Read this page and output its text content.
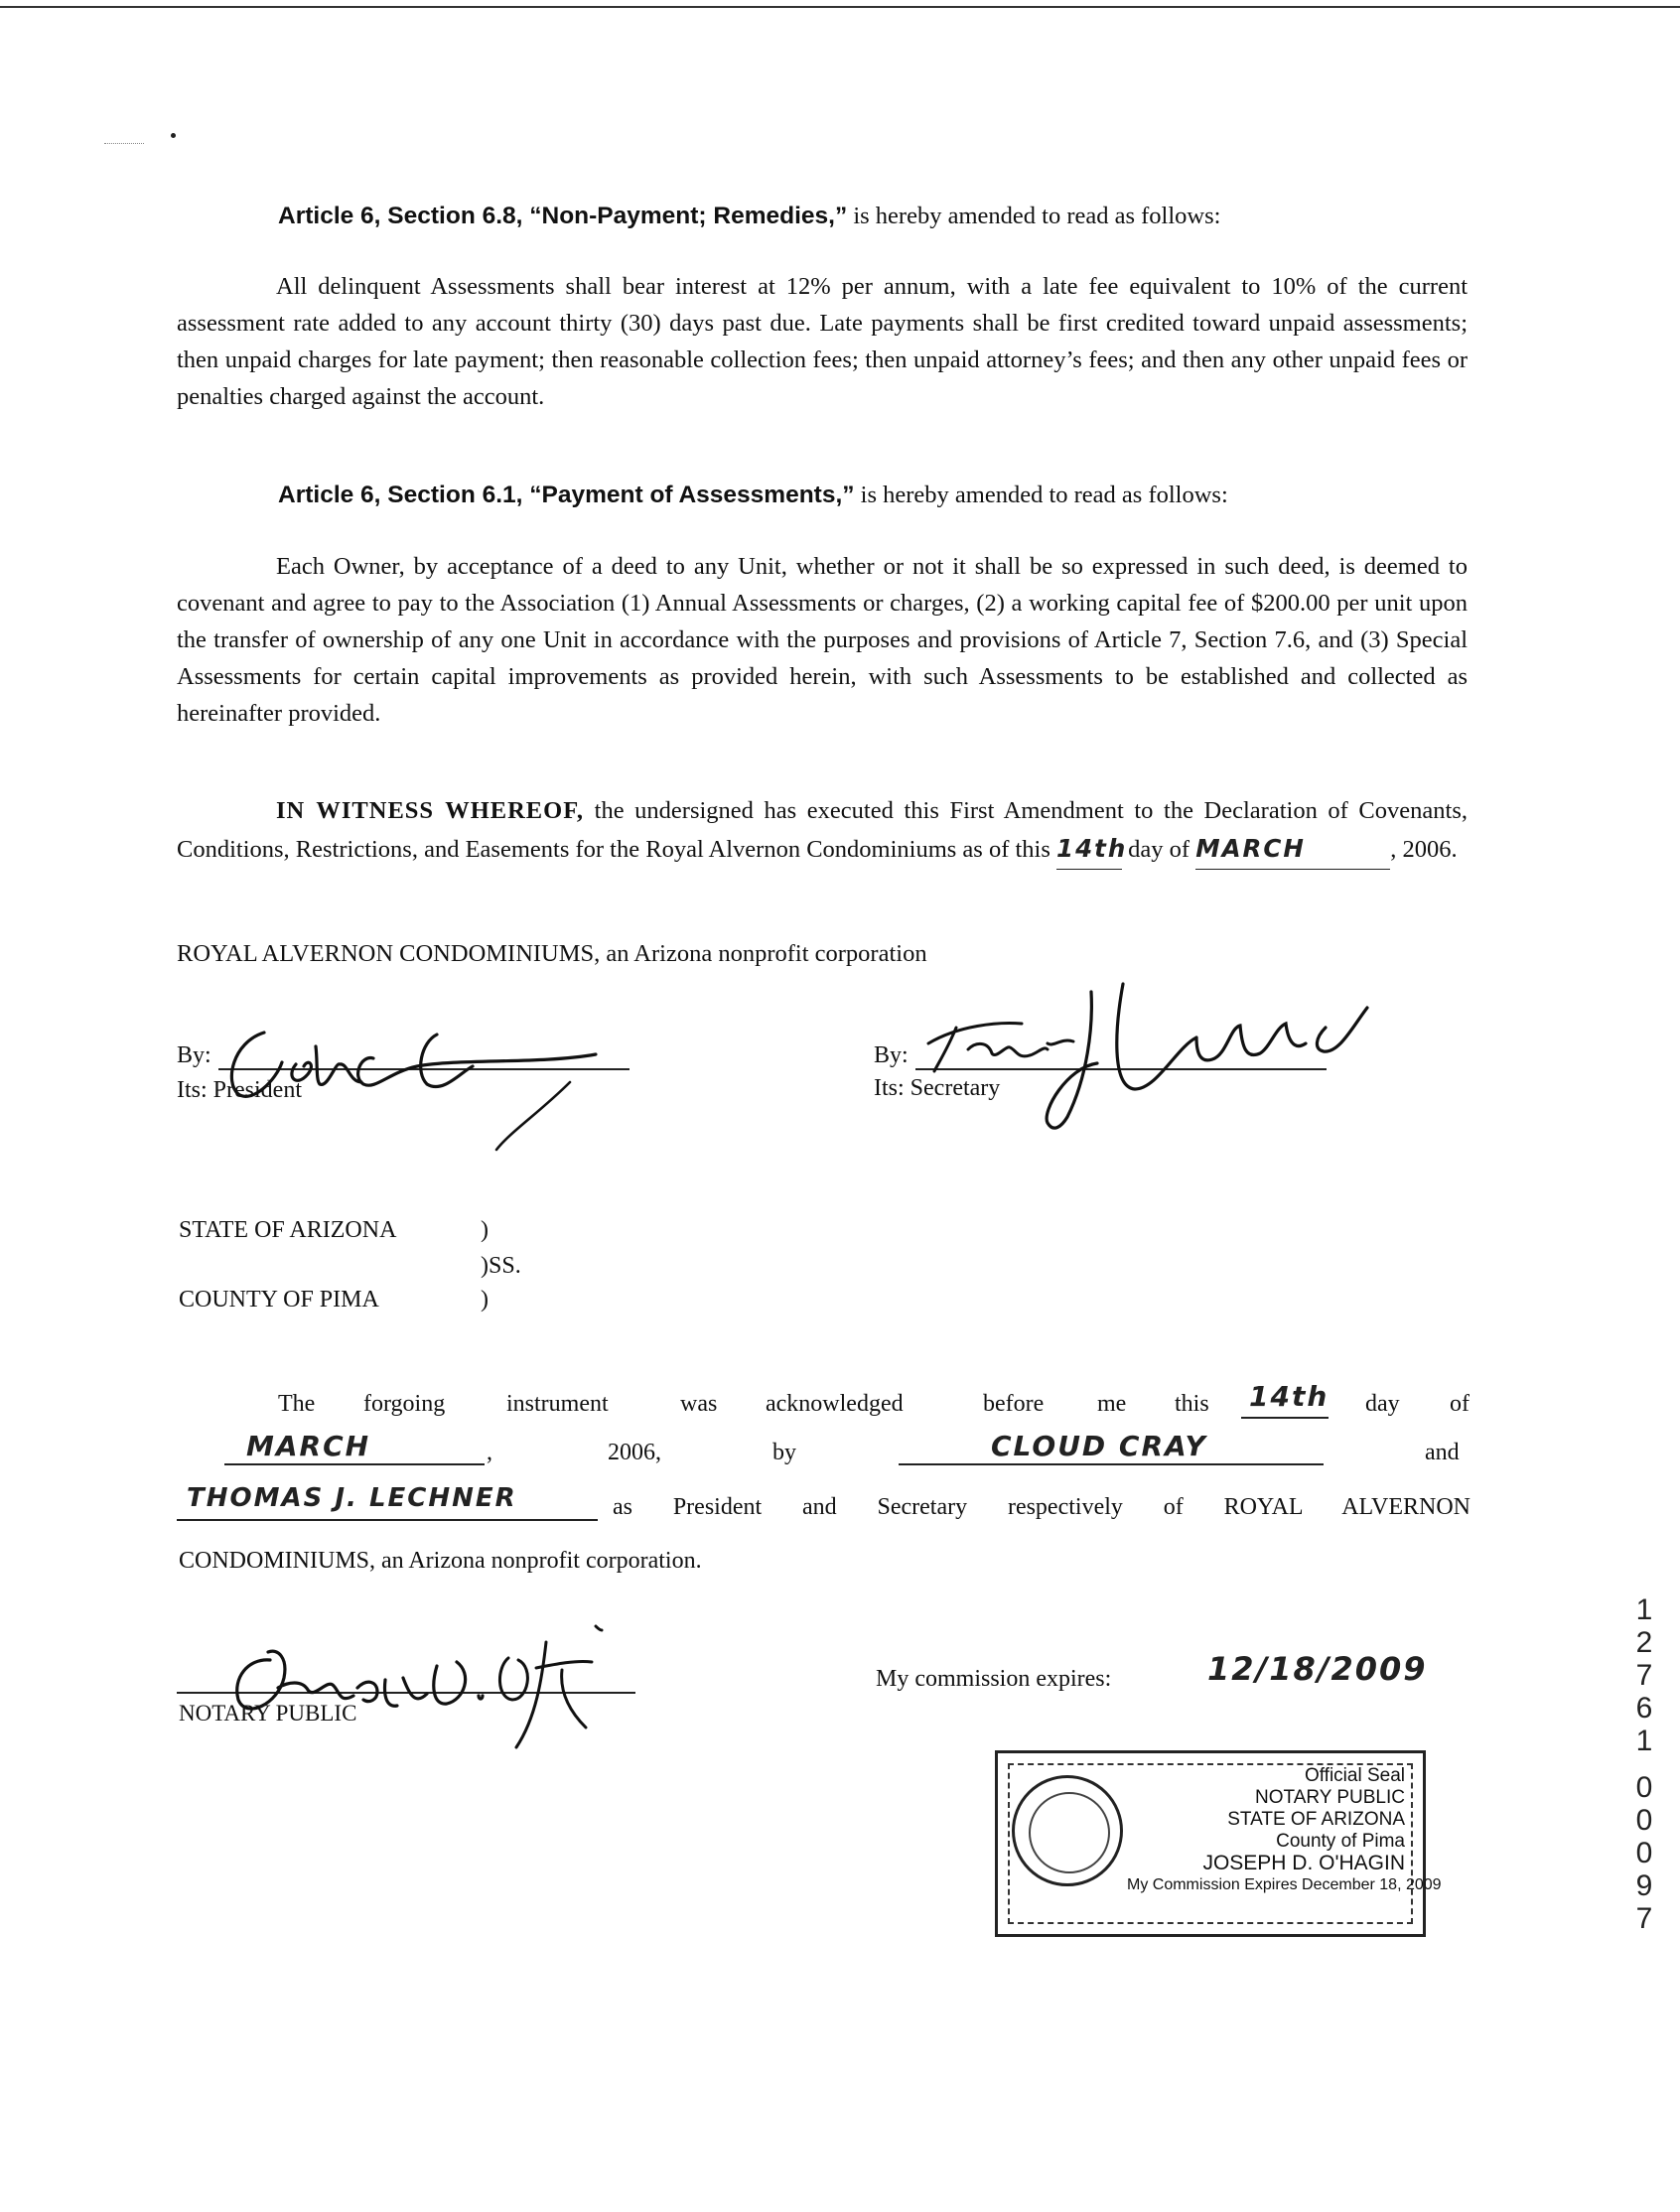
Article 6, Section 6.8, “Non-Payment; Remedies,” is hereby amended to read as follows:
All delinquent Assessments shall bear interest at 12% per annum, with a late fee equivalent to 10% of the current assessment rate added to any account thirty (30) days past due. Late payments shall be first credited toward unpaid assessments; then unpaid charges for late payment; then reasonable collection fees; then unpaid attorney’s fees; and then any other unpaid fees or penalties charged against the account.
Article 6, Section 6.1, “Payment of Assessments,” is hereby amended to read as follows:
Each Owner, by acceptance of a deed to any Unit, whether or not it shall be so expressed in such deed, is deemed to covenant and agree to pay to the Association (1) Annual Assessments or charges, (2) a working capital fee of $200.00 per unit upon the transfer of ownership of any one Unit in accordance with the purposes and provisions of Article 7, Section 7.6, and (3) Special Assessments for certain capital improvements as provided herein, with such Assessments to be established and collected as hereinafter provided.
IN WITNESS WHEREOF, the undersigned has executed this First Amendment to the Declaration of Covenants, Conditions, Restrictions, and Easements for the Royal Alvernon Condominiums as of this 14th day of MARCH	, 2006.
ROYAL ALVERNON CONDOMINIUMS, an Arizona nonprofit corporation
By:
Its: President
By:
Its: Secretary
STATE OF ARIZONA	)
)SS.
COUNTY OF PIMA	)
The forgoing	instrument	was acknowledged	before me this 14th day of
MARCH	,	2006,	by	CLOUD CRAY	and
THOMAS J. LECHNER	as President and Secretary respectively of ROYAL ALVERNON
CONDOMINIUMS, an Arizona nonprofit corporation.
NOTARY PUBLIC
My commission expires:	12/18/2009
Official Seal
NOTARY PUBLIC
STATE OF ARIZONA
County of Pima
JOSEPH D. O'HAGIN
My Commission Expires December 18, 2009
1
2
7
6
1
0
0
0
9
7
